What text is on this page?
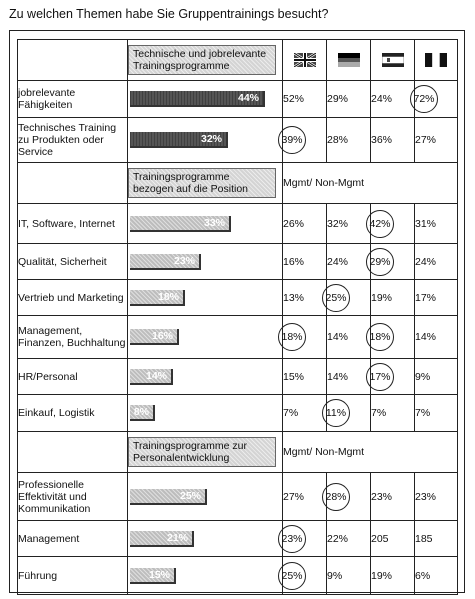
Zu welchen Themen habe Sie Gruppentrainings besucht?

	Technische und jobrelevante Trainingsprogramme

jobrelevante Fähigkeiten	44%	52%	29%	24%	72%
Technisches Training zu Produkten oder Service	32%	39%	28%	36%	27%

	Trainingsprogramme bezogen auf die Position	Mgmt/ Non-Mgmt			
IT, Software, Internet	33%	26%	32%	42%	31%
Qualität, Sicherheit	23%	16%	24%	29%	24%
Vertrieb und Marketing	18%	13%	25%	19%	17%
Management, Finanzen, Buchhaltung	16%	18%	14%	18%	14%
HR/Personal	14%	15%	14%	17%	9%
Einkauf, Logistik	8%	7%	11%	7%	7%

	Trainingsprogramme zur Personalentwicklung	Mgmt/ Non-Mgmt			
Professionelle Effektivität und Kommunikation	25%	27%	28%	23%	23%
Management	21%	23%	22%	205	185
Führung	15%	25%	9%	19%	6%
